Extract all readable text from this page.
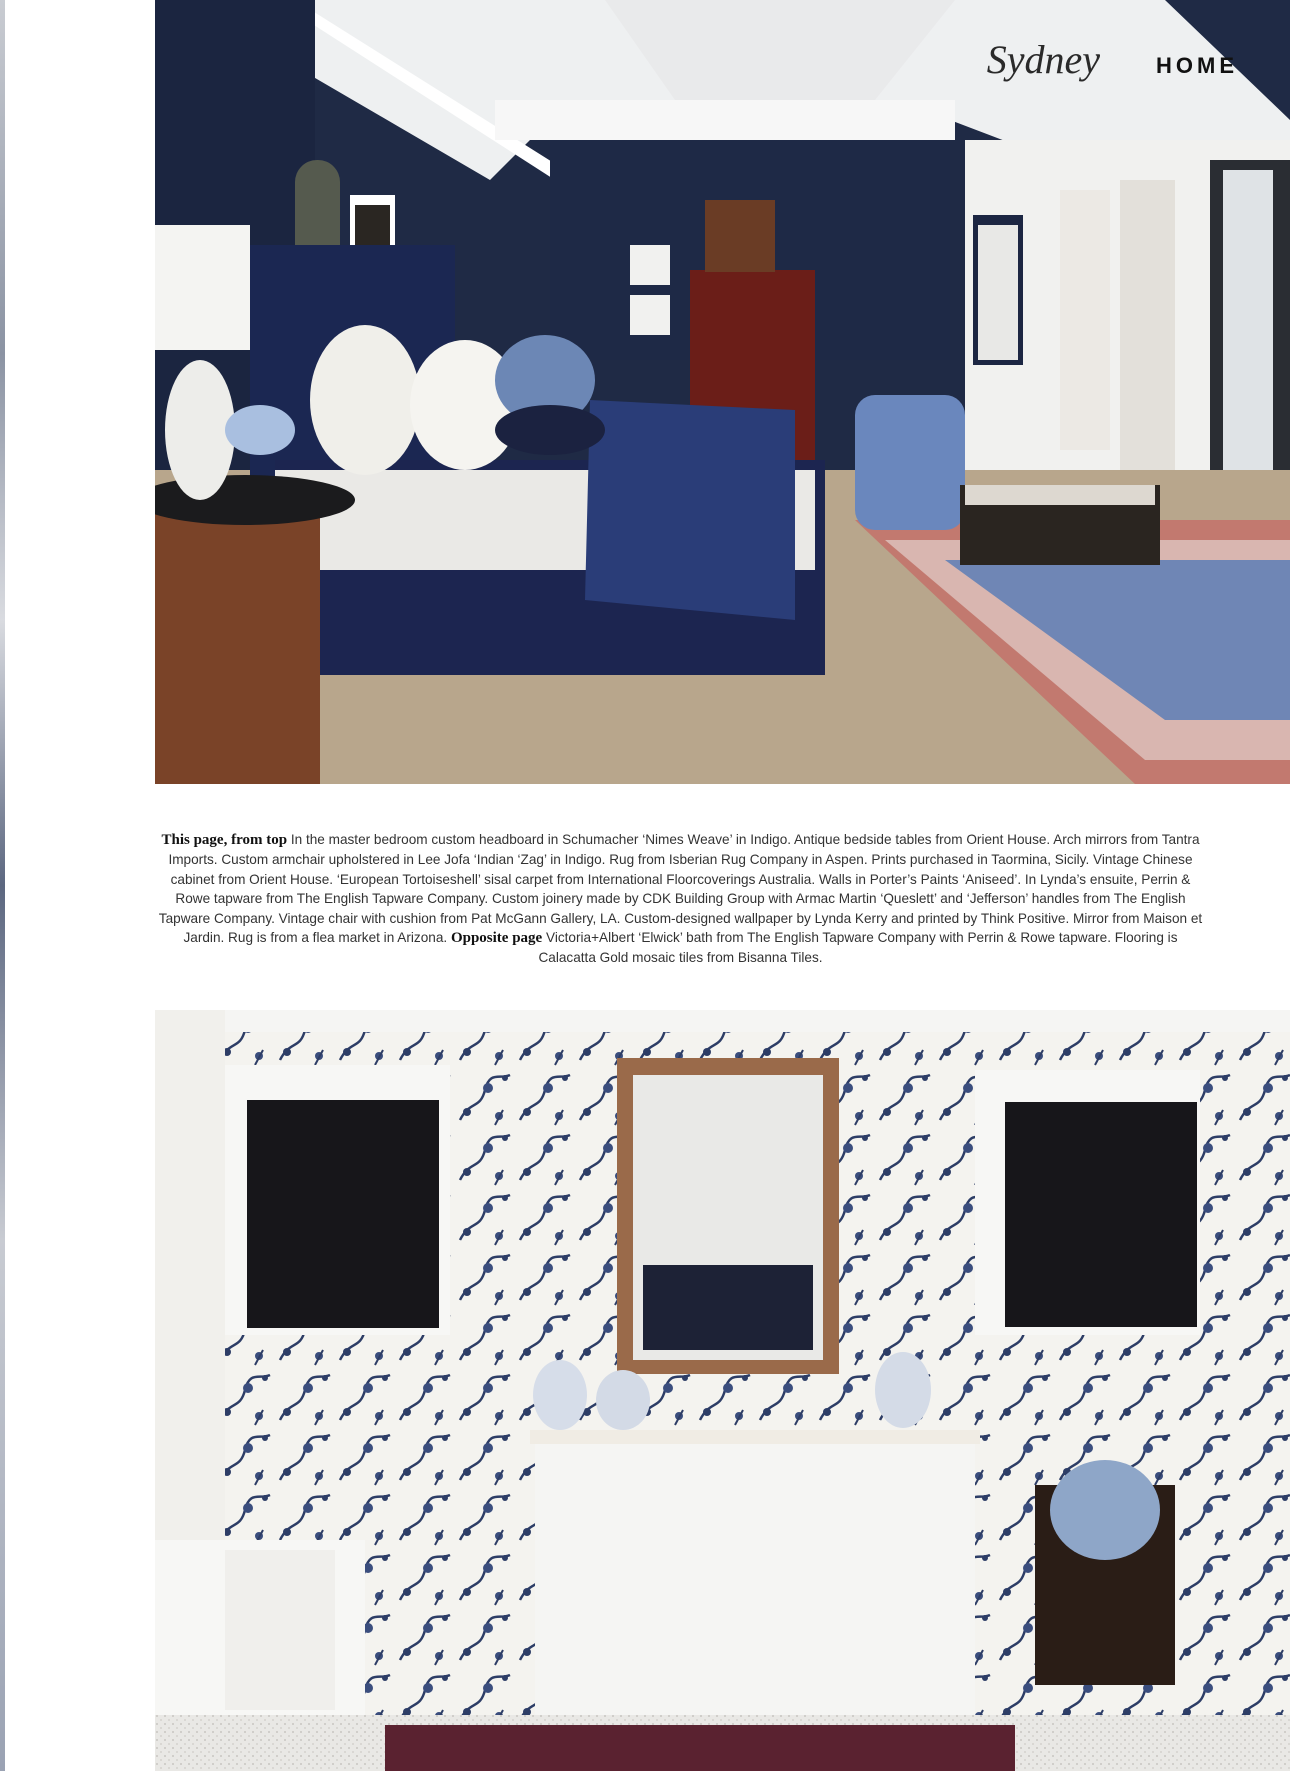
Sydney	HOME
This page, from top In the master bedroom custom headboard in Schumacher ‘Nimes Weave’ in Indigo. Antique bedside tables from Orient House. Arch mirrors from Tantra Imports. Custom armchair upholstered in Lee Jofa ‘Indian ‘Zag’ in Indigo. Rug from Isberian Rug Company in Aspen. Prints purchased in Taormina, Sicily. Vintage Chinese cabinet from Orient House. ‘European Tortoiseshell’ sisal carpet from International Floorcoverings Australia. Walls in Porter’s Paints ‘Aniseed’. In Lynda’s ensuite, Perrin & Rowe tapware from The English Tapware Company. Custom joinery made by CDK Building Group with Armac Martin ‘Queslett’ and ‘Jefferson’ handles from The English Tapware Company. Vintage chair with cushion from Pat McGann Gallery, LA. Custom-designed wallpaper by Lynda Kerry and printed by Think Positive. Mirror from Maison et Jardin. Rug is from a flea market in Arizona. Opposite page Victoria+Albert ‘Elwick’ bath from The English Tapware Company with Perrin & Rowe tapware. Flooring is Calacatta Gold mosaic tiles from Bisanna Tiles.
